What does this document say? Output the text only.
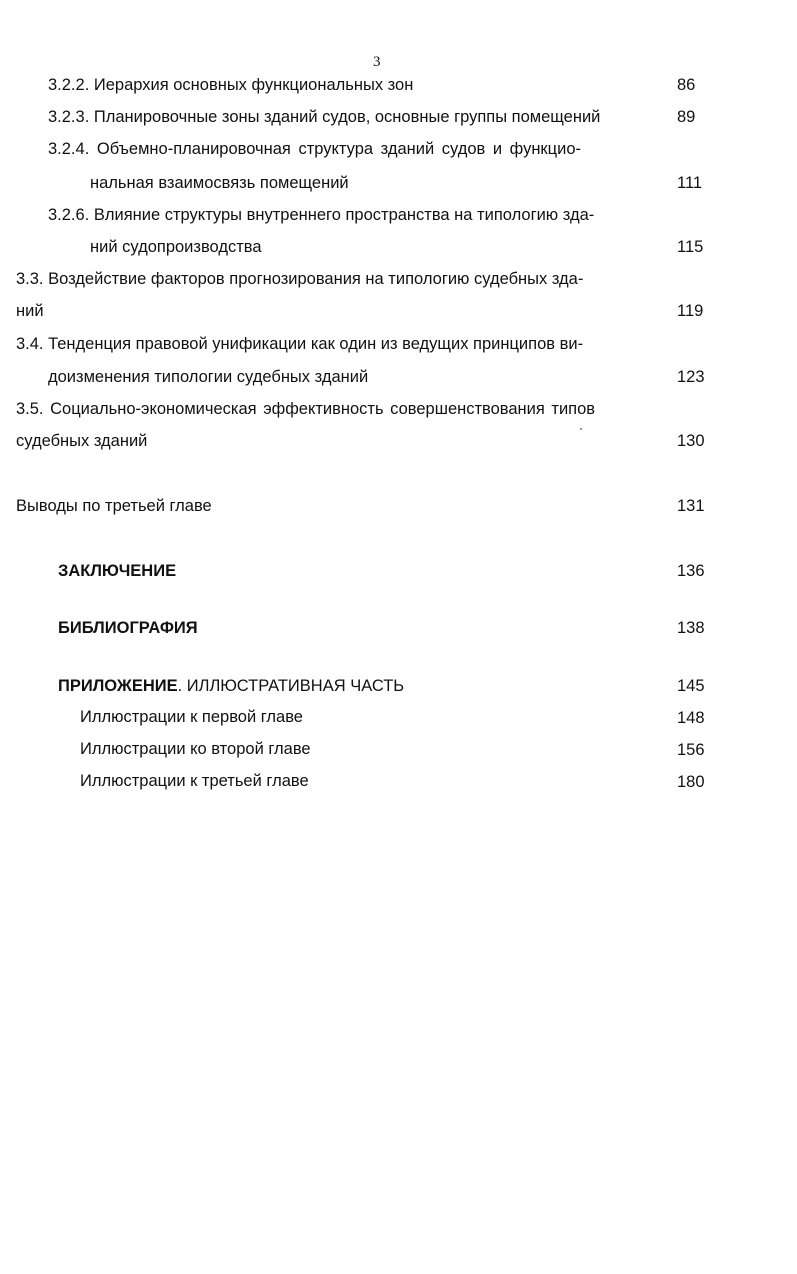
3
3.2.2. Иерархия основных функциональных зон	86
3.2.3. Планировочные зоны зданий судов, основные группы помещений	89
3.2.4. Объемно-планировочная структура зданий судов и функцио-
нальная взаимосвязь помещений	111
3.2.6. Влияние структуры внутреннего пространства на типологию зда-
ний судопроизводства	115
3.3. Воздействие факторов прогнозирования на типологию судебных зда-
ний	119
3.4. Тенденция правовой унификации как один из ведущих принципов ви-
доизменения типологии судебных зданий	123
3.5. Социально-экономическая эффективность совершенствования типов
судебных зданий	130
Выводы по третьей главе	131
ЗАКЛЮЧЕНИЕ	136
БИБЛИОГРАФИЯ	138
ПРИЛОЖЕНИЕ. ИЛЛЮСТРАТИВНАЯ ЧАСТЬ	145
Иллюстрации к первой главе	148
Иллюстрации ко второй главе	156
Иллюстрации к третьей главе	180
